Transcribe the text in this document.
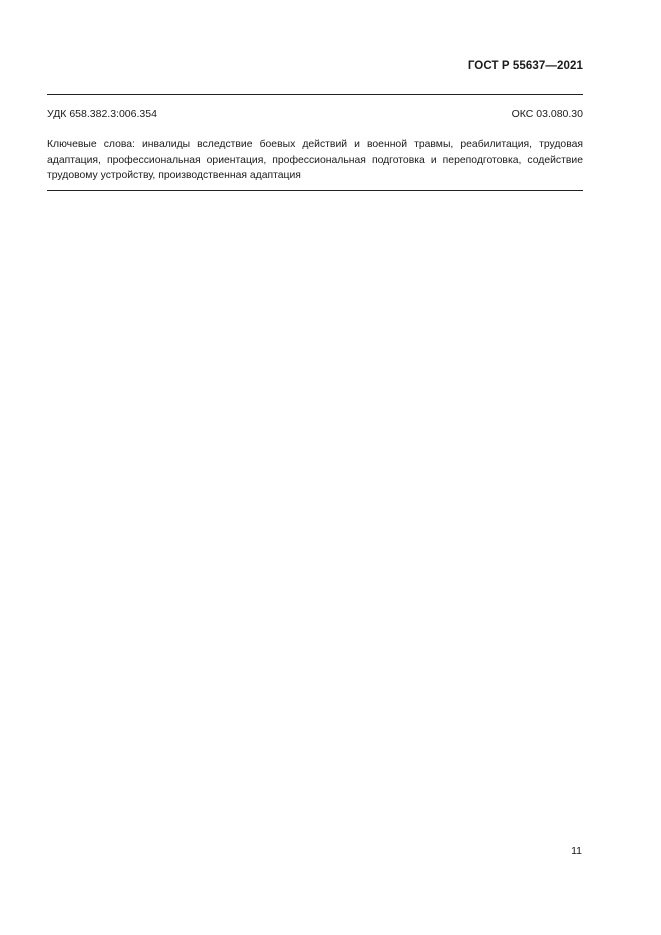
ГОСТ Р 55637—2021
УДК 658.382.3:006.354	ОКС 03.080.30
Ключевые слова: инвалиды вследствие боевых действий и военной травмы, реабилитация, трудовая адаптация, профессиональная ориентация, профессиональная подготовка и переподготовка, содействие трудовому устройству, производственная адаптация
11
